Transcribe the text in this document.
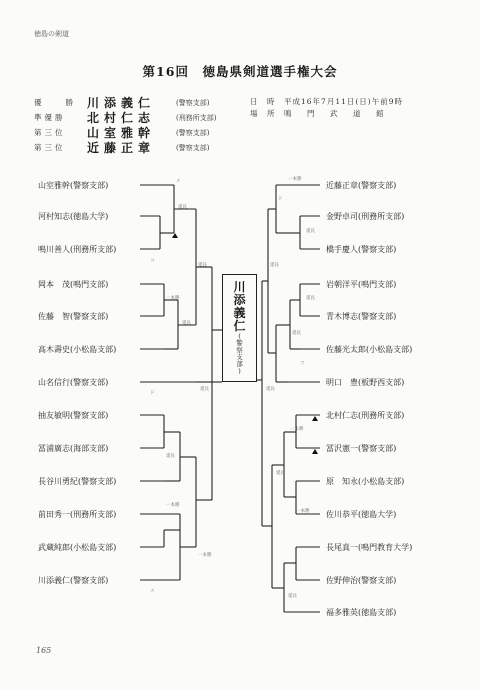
徳島の剣道
第16回　徳島県剣道選手権大会
優　　勝 川添義仁	(警察支部)
準優勝 北村仁志	(刑務所支部)
第三位 山室雅幹	(警察支部)
第三位 近藤正章	(警察支部)
日　時 平成16年7月11日(日)午前9時
場　所 鳴　門　武　道　館
延長
延長
一本勝
延長
延長
延長
一本勝
一本勝
一本勝
延長
延長
延長
延長
延長
一本勝
一本勝
延長
延長
メ
コ
ド
メ
ド
コ
山室雅幹(警察支部)
河村知志(徳島大学)
鳴川善人(刑務所支部)
岡本　茂(鳴門支部)
佐藤　智(警察支部)
高木壽史(小松島支部)
山名信行(警察支部)
抽友敏明(警察支部)
冨浦廣志(海部支部)
長谷川勇紀(警察支部)
前田秀一(刑務所支部)
武蔵純郎(小松島支部)
川添義仁(警察支部)
近藤正章(警察支部)
金野卓司(刑務所支部)
橋手慶人(警察支部)
岩朝洋平(鳴門支部)
青木博志(警察支部)
佐藤光太郎(小松島支部)
明口　豊(板野西支部)
北村仁志(刑務所支部)
冨沢憲一(警察支部)
原　知永(小松島支部)
佐川恭平(徳島大学)
長尾真一(鳴門教育大学)
佐野伸治(警察支部)
福多雅英(徳島支部)
川添義仁
(警察支部)
165
